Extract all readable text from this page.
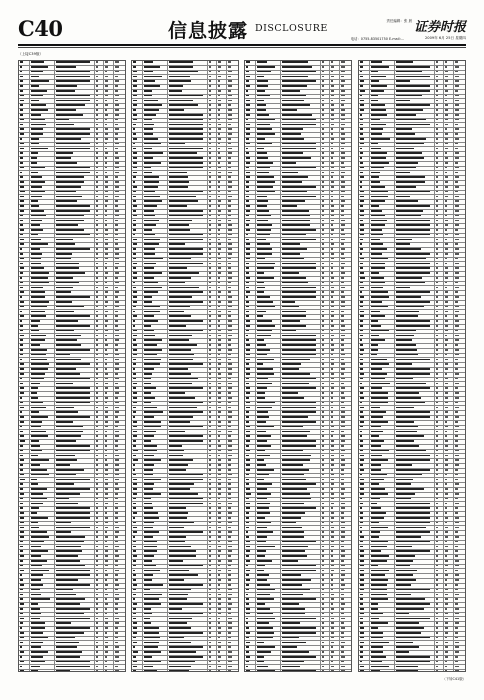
C40	信息披露 DISCLOSURE
责任编辑：张 晨 证券时报
电话：0755-83501750 E-mail:...	2009年 6月 25日 星期四
（上接C39版）
（下转C41版）
